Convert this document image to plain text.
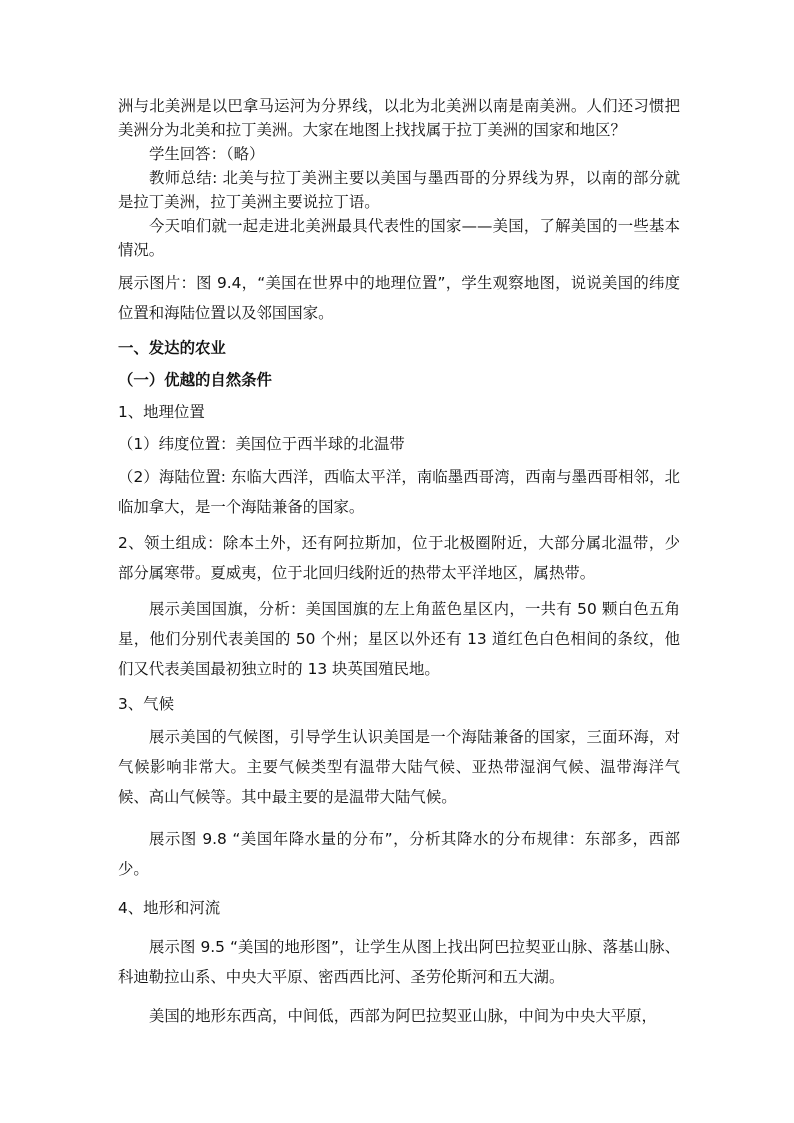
洲与北美洲是以巴拿马运河为分界线，以北为北美洲以南是南美洲。人们还习惯把美洲分为北美和拉丁美洲。大家在地图上找找属于拉丁美洲的国家和地区？

学生回答：（略）

教师总结: 北美与拉丁美洲主要以美国与墨西哥的分界线为界，以南的部分就是拉丁美洲，拉丁美洲主要说拉丁语。

今天咱们就一起走进北美洲最具代表性的国家——美国，了解美国的一些基本情况。

展示图片：图 9.4，“美国在世界中的地理位置”，学生观察地图，说说美国的纬度位置和海陆位置以及邻国国家。

一、发达的农业

（一）优越的自然条件

1、地理位置

（1）纬度位置：美国位于西半球的北温带

（2）海陆位置: 东临大西洋，西临太平洋，南临墨西哥湾，西南与墨西哥相邻，北临加拿大，是一个海陆兼备的国家。

2、领土组成：除本土外，还有阿拉斯加，位于北极圈附近，大部分属北温带，少部分属寒带。夏威夷，位于北回归线附近的热带太平洋地区，属热带。

展示美国国旗，分析：美国国旗的左上角蓝色星区内，一共有 50 颗白色五角星，他们分别代表美国的 50 个州；星区以外还有 13 道红色白色相间的条纹，他们又代表美国最初独立时的 13 块英国殖民地。

3、气候

展示美国的气候图，引导学生认识美国是一个海陆兼备的国家，三面环海，对气候影响非常大。主要气候类型有温带大陆气候、亚热带湿润气候、温带海洋气候、高山气候等。其中最主要的是温带大陆气候。

展示图 9.8 “美国年降水量的分布”，分析其降水的分布规律：东部多，西部少。

4、地形和河流

展示图 9.5 “美国的地形图”，让学生从图上找出阿巴拉契亚山脉、落基山脉、科迪勒拉山系、中央大平原、密西西比河、圣劳伦斯河和五大湖。

美国的地形东西高，中间低，西部为阿巴拉契亚山脉，中间为中央大平原，
